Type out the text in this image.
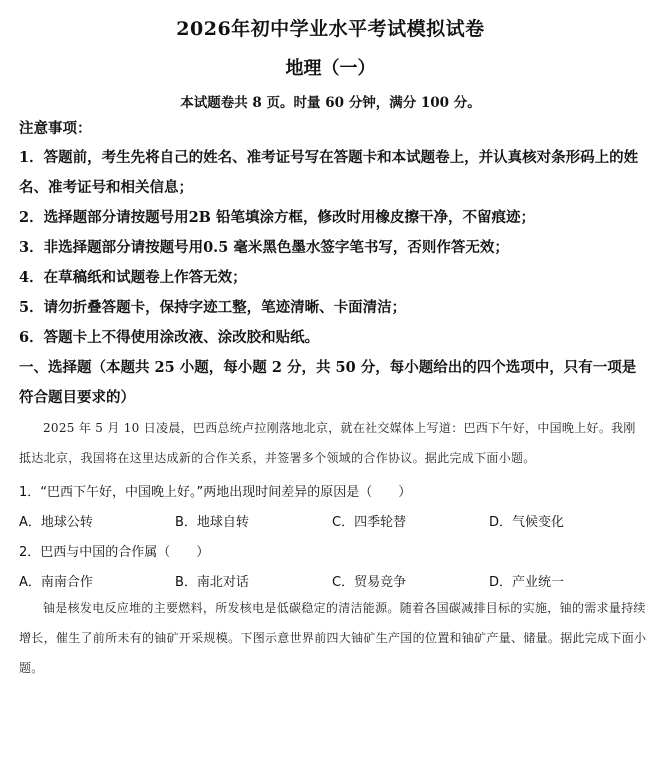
2026年初中学业水平考试模拟试卷
地理（一）
本试题卷共 8 页。时量 60 分钟，满分 100 分。
注意事项：
1．答题前，考生先将自己的姓名、准考证号写在答题卡和本试题卷上，并认真核对条形码上的姓名、准考证号和相关信息；
2．选择题部分请按题号用2B 铅笔填涂方框，修改时用橡皮擦干净，不留痕迹；
3．非选择题部分请按题号用0.5 毫米黑色墨水签字笔书写，否则作答无效；
4．在草稿纸和试题卷上作答无效；
5．请勿折叠答题卡，保持字迹工整，笔迹清晰、卡面清洁；
6．答题卡上不得使用涂改液、涂改胶和贴纸。
一、选择题（本题共 25 小题，每小题 2 分，共 50 分，每小题给出的四个选项中，只有一项是符合题目要求的）
2025 年 5 月 10 日凌晨，巴西总统卢拉刚落地北京，就在社交媒体上写道：巴西下午好，中国晚上好。我刚抵达北京，我国将在这里达成新的合作关系，并签署多个领域的合作协议。据此完成下面小题。
1．“巴西下午好，中国晚上好。”两地出现时间差异的原因是（　　）
A．地球公转	B．地球自转	C．四季轮替	D．气候变化
2．巴西与中国的合作属（　　）
A．南南合作	B．南北对话	C．贸易竞争	D．产业统一
铀是核发电反应堆的主要燃料，所发核电是低碳稳定的清洁能源。随着各国碳减排目标的实施，铀的需求量持续增长，催生了前所未有的铀矿开采规模。下图示意世界前四大铀矿生产国的位置和铀矿产量、储量。据此完成下面小题。
